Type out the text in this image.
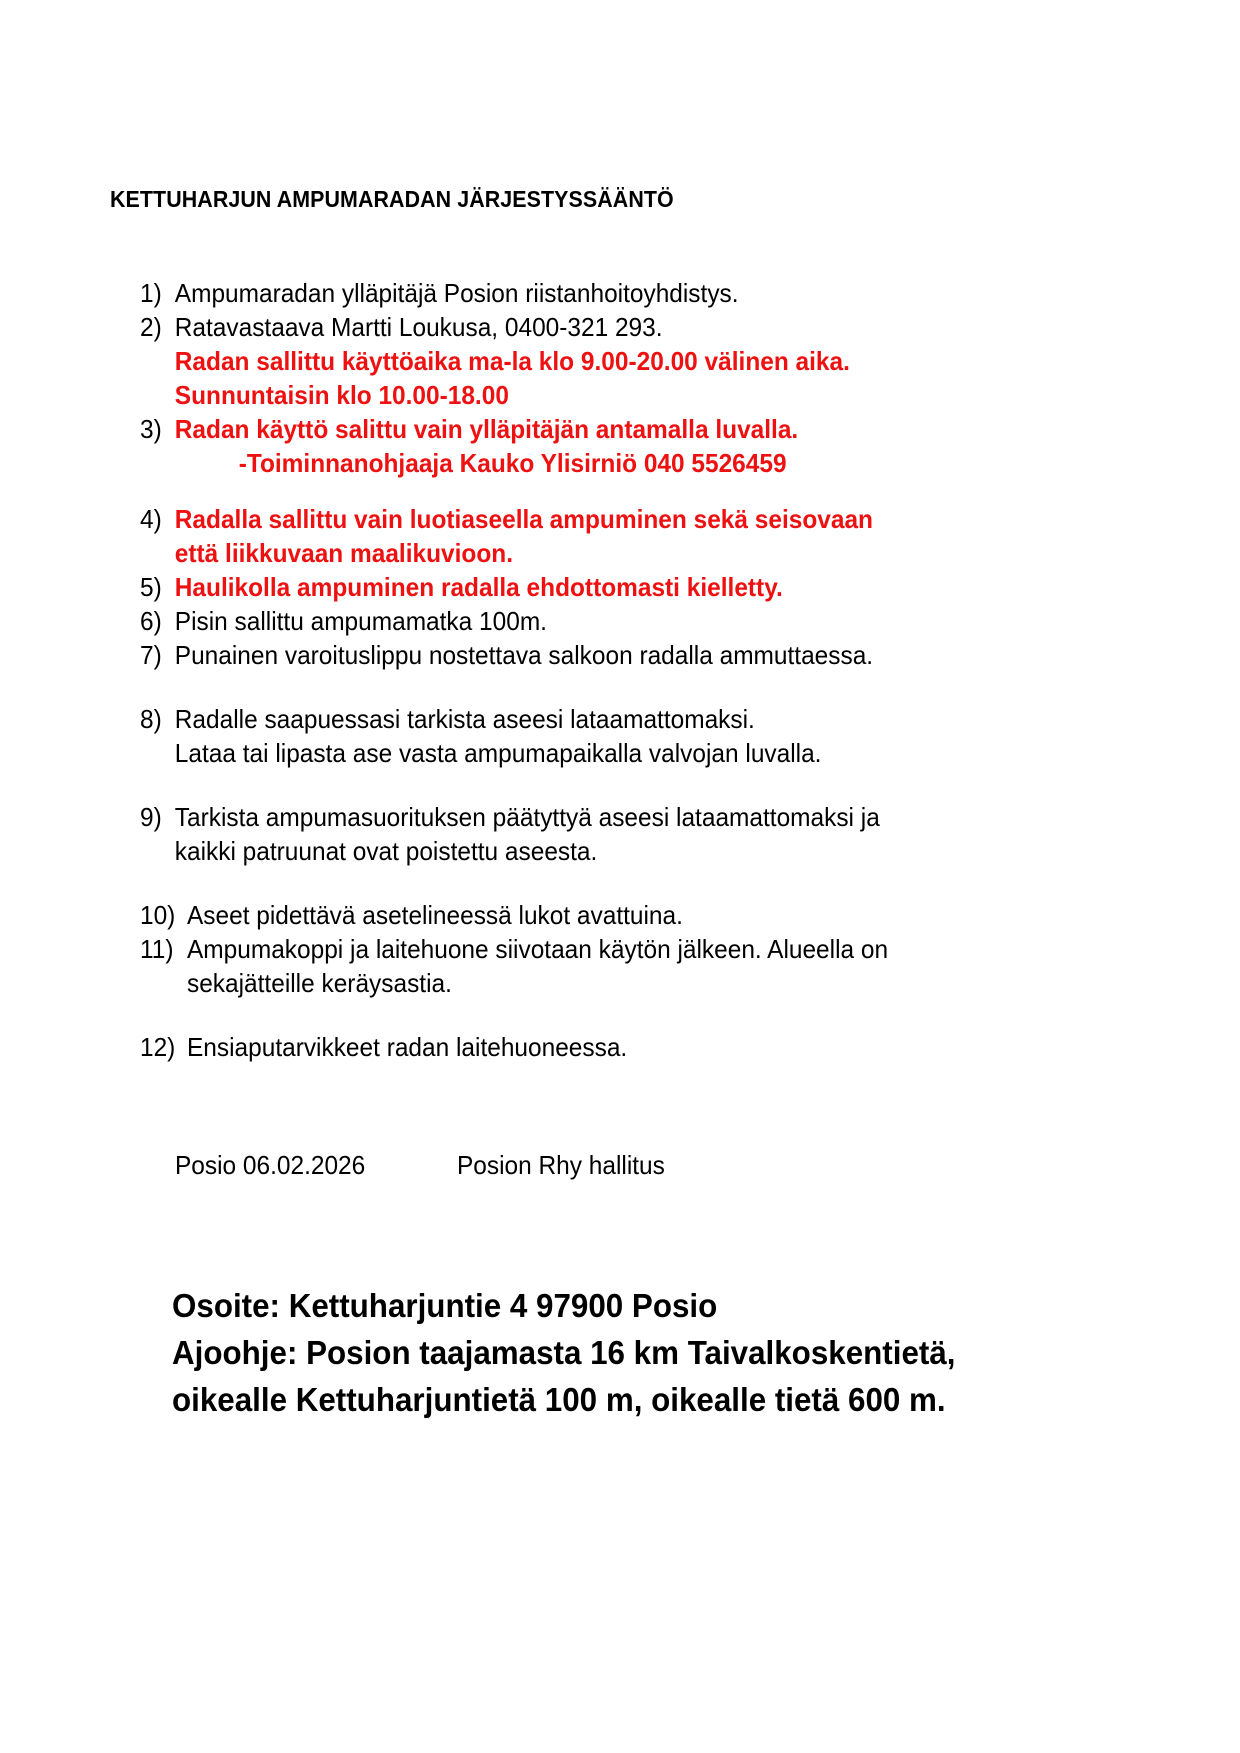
KETTUHARJUN AMPUMARADAN JÄRJESTYSSÄÄNTÖ
1) Ampumaradan ylläpitäjä Posion riistanhoitoyhdistys.
2) Ratavastaava Martti Loukusa, 0400-321 293.
Radan sallittu käyttöaika ma-la klo 9.00-20.00 välinen aika.
Sunnuntaisin klo 10.00-18.00
3) Radan käyttö salittu vain ylläpitäjän antamalla luvalla.
-Toiminnanohjaaja Kauko Ylisirniö 040 5526459
4) Radalla sallittu vain luotiaseella ampuminen sekä seisovaan
että liikkuvaan maalikuvioon.
5) Haulikolla ampuminen radalla ehdottomasti kielletty.
6) Pisin sallittu ampumamatka 100m.
7) Punainen varoituslippu nostettava salkoon radalla ammuttaessa.
8) Radalle saapuessasi tarkista aseesi lataamattomaksi.
Lataa tai lipasta ase vasta ampumapaikalla valvojan luvalla.
9) Tarkista ampumasuorituksen päätyttyä aseesi lataamattomaksi ja
kaikki patruunat ovat poistettu aseesta.
10) Aseet pidettävä asetelineessä lukot avattuina.
11) Ampumakoppi ja laitehuone siivotaan käytön jälkeen. Alueella on
sekajätteille keräysastia.
12) Ensiaputarvikkeet radan laitehuoneessa.
Posio 06.02.2026	Posion Rhy hallitus
Osoite: Kettuharjuntie 4 97900 Posio
Ajoohje: Posion taajamasta 16 km Taivalkoskentietä,
oikealle Kettuharjuntietä 100 m, oikealle tietä 600 m.
